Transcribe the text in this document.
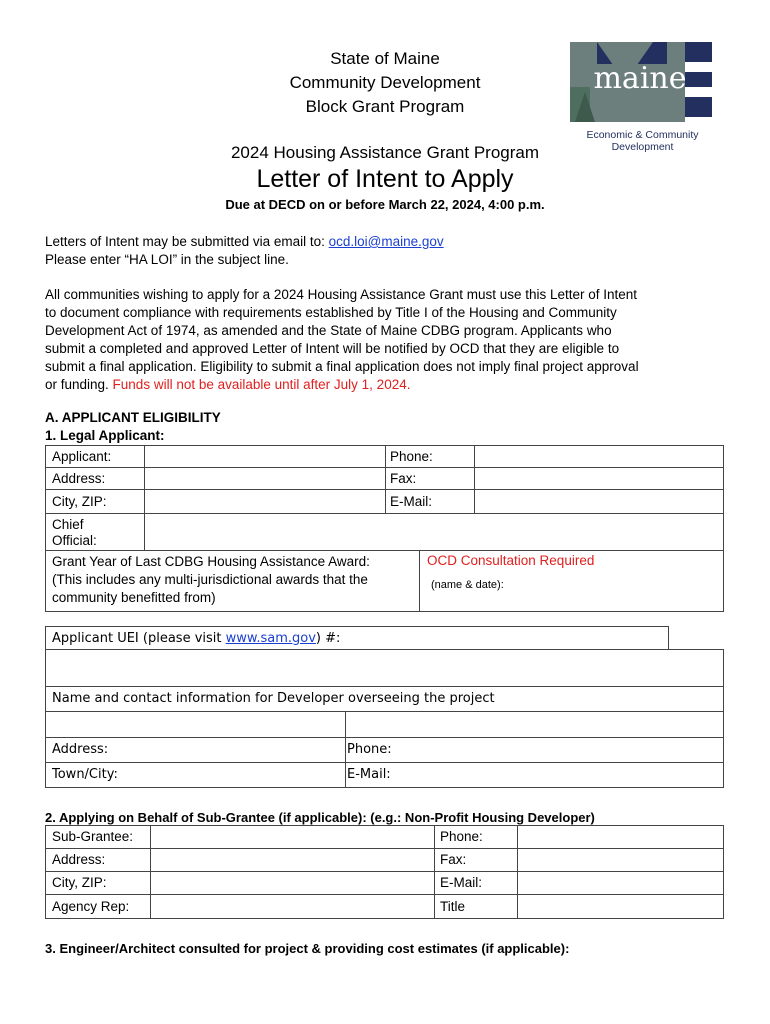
State of Maine
Community Development
Block Grant Program
maine
Economic & Community
Development
2024 Housing Assistance Grant Program
Letter of Intent to Apply
Due at DECD on or before March 22, 2024, 4:00 p.m.
Letters of Intent may be submitted via email to: ocd.loi@maine.gov
Please enter “HA LOI” in the subject line.
All communities wishing to apply for a 2024 Housing Assistance Grant must use this Letter of Intent
to document compliance with requirements established by Title I of the Housing and Community
Development Act of 1974, as amended and the State of Maine CDBG program. Applicants who
submit a completed and approved Letter of Intent will be notified by OCD that they are eligible to
submit a final application. Eligibility to submit a final application does not imply final project approval
or funding. Funds will not be available until after July 1, 2024.
A. APPLICANT ELIGIBILITY
1. Legal Applicant:
Applicant:	Phone:
Address:	Fax:
City, ZIP:	E-Mail:
Chief
Official:
Grant Year of Last CDBG Housing Assistance Award:
(This includes any multi-jurisdictional awards that the
community benefitted from)
OCD Consultation Required
(name & date):
Applicant UEI (please visit www.sam.gov) #:
Name and contact information for Developer overseeing the project
Address:	Phone:
Town/City:	E-Mail:
2. Applying on Behalf of Sub-Grantee (if applicable): (e.g.: Non-Profit Housing Developer)
Sub-Grantee:	Phone:
Address:	Fax:
City, ZIP:	E-Mail:
Agency Rep:	Title
3. Engineer/Architect consulted for project & providing cost estimates (if applicable):
